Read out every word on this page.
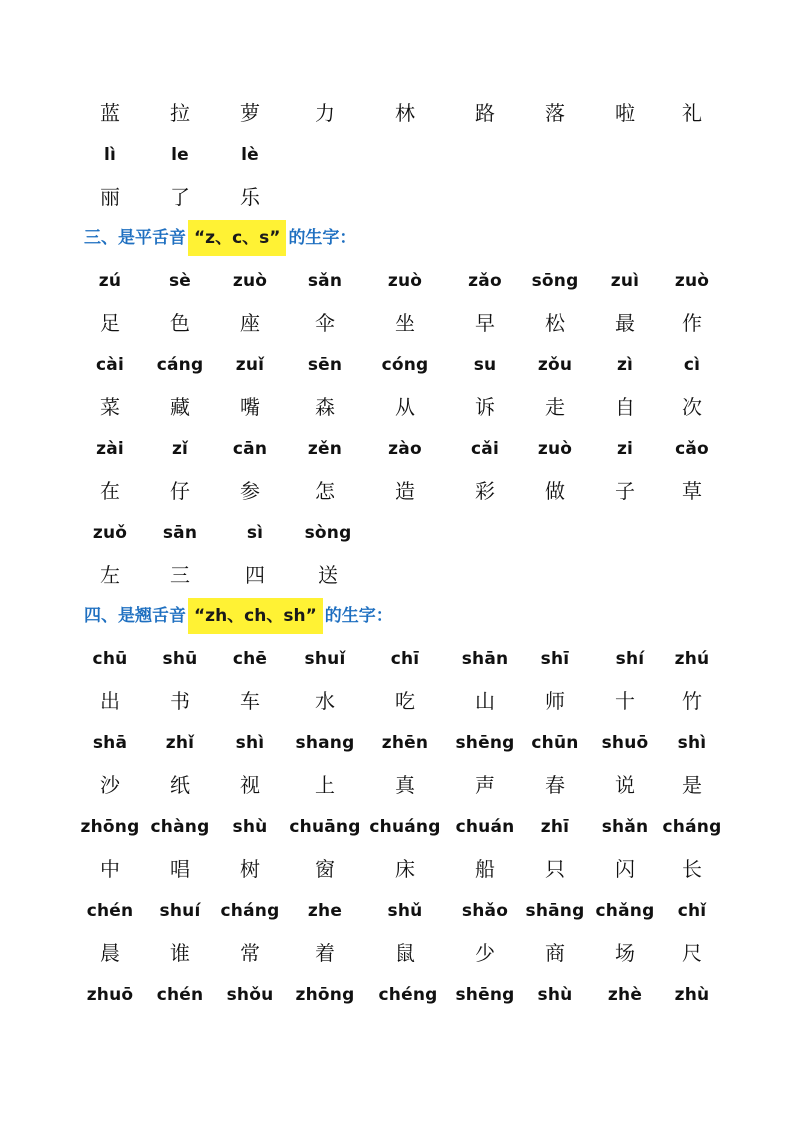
蓝	拉	萝	力	林	路	落	啦 礼
lì	le	lè
丽	了	乐
三、是平舌音 “z、c、s” 的生字：
zú	sè zuò sǎn	zuò	zǎo sōng zuì zuò
足	色	座	伞	坐	早	松	最 作
cài cáng zuǐ	sēn cóng	su zǒu	zì	cì
菜	藏	嘴	森	从	诉	走	自 次
zài	zǐ	cān zěn	zào	cǎi zuò	zi cǎo
在	仔	参	怎	造	彩	做	子 草
zuǒ sān	sì sòng
左	三	四	送
四、是翘舌音 “zh、ch、sh” 的生字：
chū shū chē shuǐ	chī shān shī	shí zhú
出	书	车	水	吃	山	师	十 竹
shā zhǐ shì shang zhēn shēng chūn shuō shì
沙	纸	视	上	真	声	春	说 是
zhōng chàng shù chuāng chuáng chuán zhī shǎn cháng
中	唱	树	窗	床	船	只	闪 长
chén shuí cháng zhe	shǔ shǎo shāng chǎng chǐ
晨	谁	常	着	鼠	少	商	场 尺
zhuō chén shǒu zhōng chéng shēng shù zhè zhù
